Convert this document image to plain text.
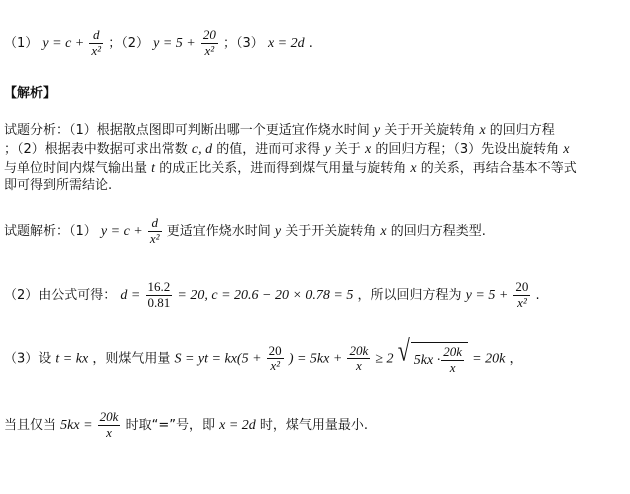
（1） $y = c + \frac{d}{\text{x²}}$ ；（2） $y = 5 + \frac{20}{\text{x²}}$ ；（3） x = 2d .
【解析】
试题分析：（1）根据散点图即可判断出哪一个更适宜作烧水时间 y 关于开关旋转角 x 的回归方程
；（2）根据表中数据可求出常数 c, d 的值，进而可求得 y 关于 x 的回归方程；（3）先设出旋转角 x
与单位时间内煤气输出量 t 的成正比关系，进而得到煤气用量与旋转角 x 的关系，再结合基本不等式
即可得到所需结论.
试题解析：（1） $y = c + \frac{d}{\text{x²}}$ 更适宜作烧水时间 y 关于开关旋转角 x 的回归方程类型.
（2）由公式可得： $d = \frac{16.2}{0.81} = 20$, c = 20.6 − 20 × 0.78 = 5 ，所以回归方程为 $y = 5 + \frac{20}{\text{x²}}$ .
（3）设 t = kx ，则煤气用量 S = yt = $kx(5 + \frac{20}{\text{x²}}$ ) = $5kx + \frac{20k}{x} \ge 2$ √ $5kx \cdot \frac{20k}{x} = 20k$ ，
当且仅当 $5kx = \frac{20k}{x}$ 时取“=”号，即 x = 2d 时，煤气用量最小.
